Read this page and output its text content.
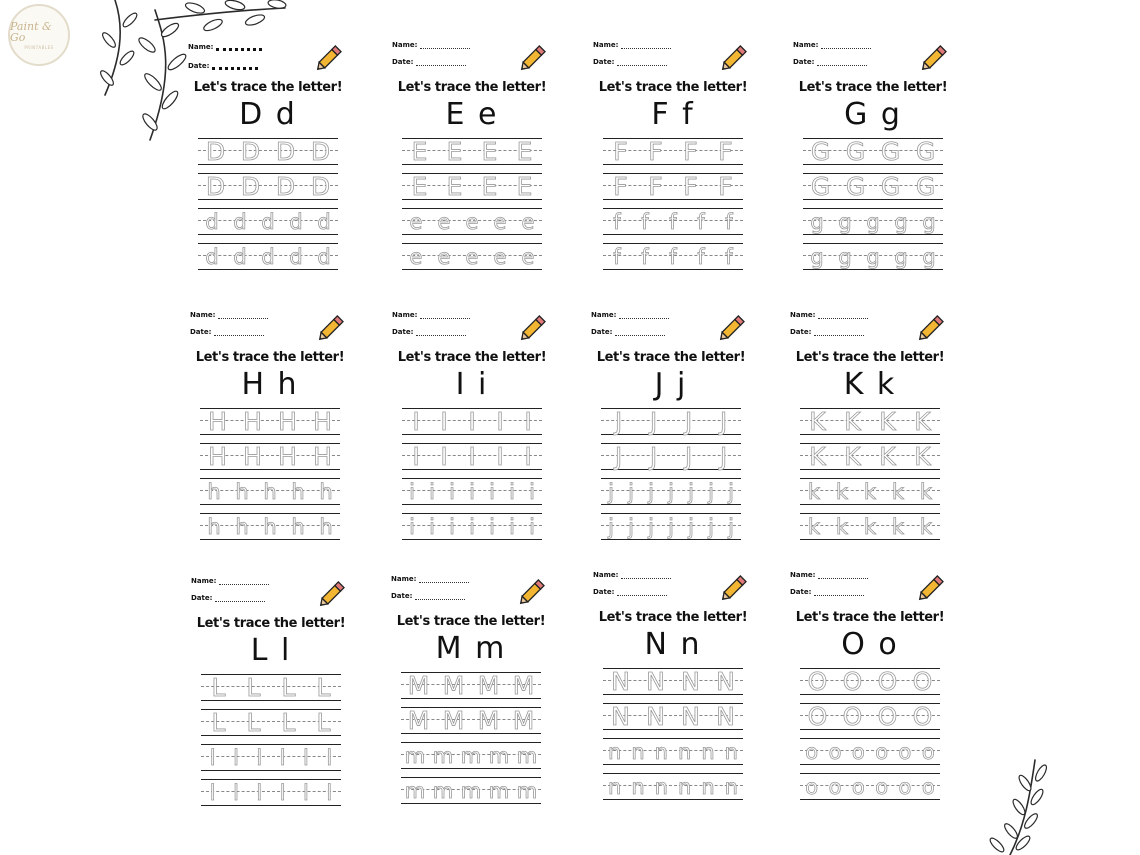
Paint & Go
PRINTABLES	Name:
Date:
Let's trace the letter!
D d
D D D D
D D D D
d d d d d
d d d d d
Name:
Date:
Let's trace the letter!
E e
E E E E
E E E E
e e e e e
e e e e e
Name:
Date:
Let's trace the letter!
F f
F F F F
F F F F
f f f f f
f f f f f
Name:
Date:
Let's trace the letter!
G g
G G G G
G G G G
g g g g g
g g g g g
Name:
Date:
Let's trace the letter!
H h
H H H H
H H H H
h h h h h
h h h h h
Name:
Date:
Let's trace the letter!
I i
I I I I I
I I I I I
i i i i i i i
i i i i i i i
Name:
Date:
Let's trace the letter!
J j
J J J J
J J J J
j j j j j j j
j j j j j j j
Name:
Date:
Let's trace the letter!
K k
K K K K
K K K K
k k k k k
k k k k k
Name:
Date:
Let's trace the letter!
L l
L L L L
L L L L
l l l l l l
l l l l l l
Name:
Date:
Let's trace the letter!
M m
M M M M
M M M M
m m m m m
m m m m m
Name:
Date:
Let's trace the letter!
N n
N N N N
N N N N
n n n n n n
n n n n n n
Name:
Date:
Let's trace the letter!
O o
O O O O
O O O O
o o o o o o
o o o o o o
